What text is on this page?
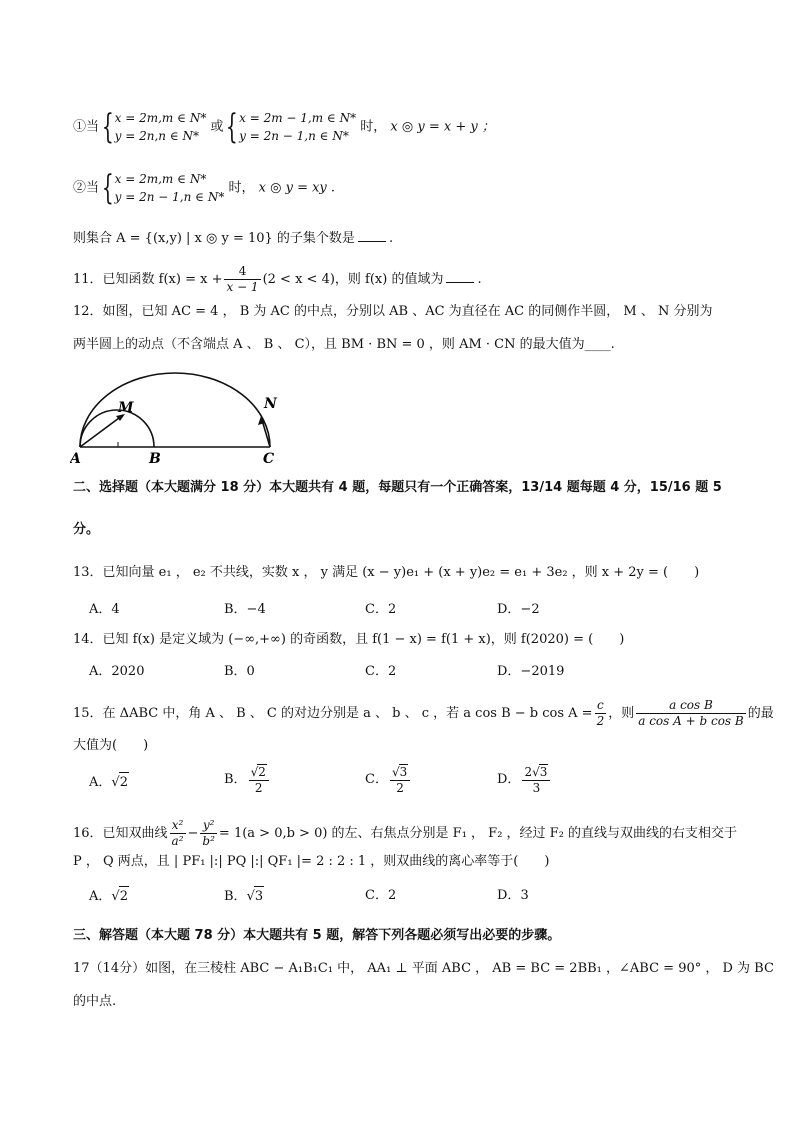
①当{ x = 2m,m ∈ N*
y = 2n,n ∈ N*
或{ x = 2m − 1,m ∈ N*
y = 2n − 1,n ∈ N*
时， x ◎ y = x + y ；
②当{ x = 2m,m ∈ N*
y = 2n − 1,n ∈ N*
时， x ◎ y = xy .
则集合 A = {(x,y) | x ◎ y = 10} 的子集个数是	.
11．已知函数 $f(x) = x + \frac{4}{x - 1} (2 < x < 4)$，则 f(x) 的值域为	.
12．如图，已知 AC = 4 ， B 为 AC 的中点，分别以 AB 、AC 为直径在 AC 的同侧作半圆， M 、 N 分别为
两半圆上的动点（不含端点 A 、 B 、 C），且 BM · BN = 0 ，则 AM · CN 的最大值为____.
A	B	C
M	N
二、选择题（本大题满分 18 分）本大题共有 4 题，每题只有一个正确答案，13/14 题每题 4 分，15/16 题 5
分。
13．已知向量 e₁ ， e₂ 不共线，实数 x ， y 满足 (x − y)e₁ + (x + y)e₂ = e₁ + 3e₂ ，则 x + 2y = (　　)
A．4	B．−4	C．2	D．−2
14．已知 f(x) 是定义域为 (−∞,+∞) 的奇函数，且 f(1 − x) = f(1 + x)，则 f(2020) = (　　)
A．2020	B．0	C．2	D．−2019
15．在 ΔABC 中，角 A 、 B 、 C 的对边分别是 a 、 b 、 c ，若 a cos B − b $\cos A = \frac{c}{2}$ ，则 $\frac{\text{a cos B}}{\text{a cos A + b cos B}}$ 的最
大值为(　　)
A．√2	B． $\frac{√2}{2}$	C． $\frac{√3}{2}$	D． $\frac{2√3}{3}$
16．已知双曲线 $\frac{\text{x²}}{\text{a²}} - \frac{\text{y²}}{\text{b²}} = 1(a > 0,b > 0)$ 的左、右焦点分别是 F₁ ， F₂ ，经过 F₂ 的直线与双曲线的右支相交于
P ， Q 两点，且 | PF₁ |:| PQ |:| QF₁ |= 2 : 2 : 1 ，则双曲线的离心率等于(　　)
A．√2	B．√3	C．2	D．3
三、解答题（本大题 78 分）本大题共有 5 题，解答下列各题必须写出必要的步骤。
17（14分）如图，在三棱柱 ABC − A₁B₁C₁ 中， AA₁ ⊥ 平面 ABC ， AB = BC = 2BB₁ ，∠ABC = 90° ， D 为 BC
的中点.
